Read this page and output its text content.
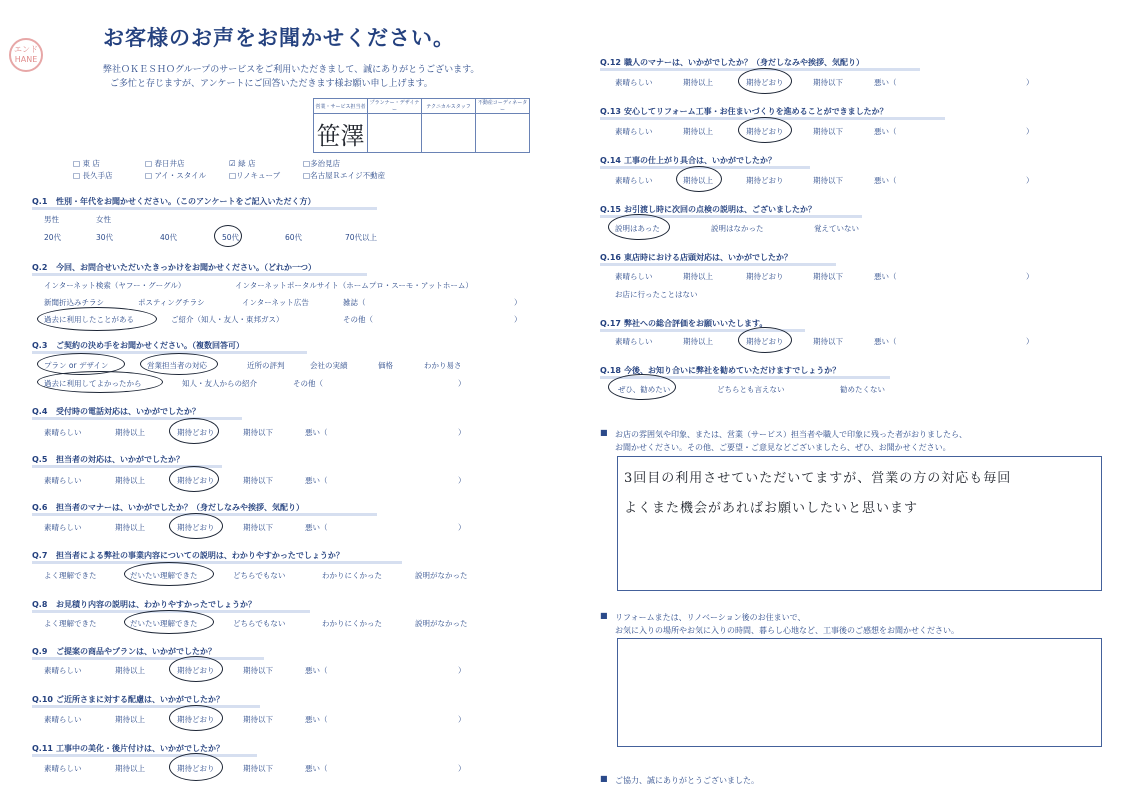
お客様のお声をお聞かせください。
エンド HANE
弊社ＯＫＥＳＨＯグループのサービスをご利用いただきまして、誠にありがとうございます。
ご多忙と存じますが、アンケートにご回答いただきます様お願い申し上げます。
営業・サービス担当者	プランナー・デザイナー	テクニカルスタッフ	不動産コーディネーター
笹澤			
□ 東 店	□ 春日井店	☑ 緑 店	□多治見店
□ 長久手店	□ アイ・スタイル	□リノキューブ	□名古屋Ｒエイジ不動産
Q.1 性別・年代をお聞かせください。（このアンケートをご記入いただく方）
男性	女性
20代	30代	40代	50代	60代	70代以上
Q.2 今回、お問合せいただいたきっかけをお聞かせください。（どれか一つ）
インターネット検索（ヤフー・グーグル）	インターネットポータルサイト（ホームプロ・スーモ・アットホーム）
新聞折込みチラシ	ポスティングチラシ	インターネット広告	雑誌（	）
過去に利用したことがある	ご紹介（知人・友人・東邦ガス）	その他（	）
Q.3 ご契約の決め手をお聞かせください。（複数回答可）
プラン or デザイン	営業担当者の対応	近所の評判	会社の実績	価格	わかり易さ
過去に利用してよかったから	知人・友人からの紹介	その他（	）
Q.4 受付時の電話対応は、いかがでしたか？
素晴らしい	期待以上	期待どおり	期待以下	悪い（	）
Q.5 担当者の対応は、いかがでしたか？
素晴らしい	期待以上	期待どおり	期待以下	悪い（	）
Q.6 担当者のマナーは、いかがでしたか？（身だしなみや挨拶、気配り）
素晴らしい	期待以上	期待どおり	期待以下	悪い（	）
Q.7 担当者による弊社の事業内容についての説明は、わかりやすかったでしょうか？
よく理解できた	だいたい理解できた	どちらでもない	わかりにくかった	説明がなかった
Q.8 お見積り内容の説明は、わかりやすかったでしょうか？
よく理解できた	だいたい理解できた	どちらでもない	わかりにくかった	説明がなかった
Q.9 ご提案の商品やプランは、いかがでしたか？
素晴らしい	期待以上	期待どおり	期待以下	悪い（	）
Q.10 ご近所さまに対する配慮は、いかがでしたか？
素晴らしい	期待以上	期待どおり	期待以下	悪い（	）
Q.11 工事中の美化・後片付けは、いかがでしたか？
素晴らしい	期待以上	期待どおり	期待以下	悪い（	）
Q.12 職人のマナーは、いかがでしたか？（身だしなみや挨拶、気配り）
素晴らしい	期待以上	期待どおり	期待以下	悪い（	）
Q.13 安心してリフォーム工事・お住まいづくりを進めることができましたか？
素晴らしい	期待以上	期待どおり	期待以下	悪い（	）
Q.14 工事の仕上がり具合は、いかがでしたか？
素晴らしい	期待以上	期待どおり	期待以下	悪い（	）
Q.15 お引渡し時に次回の点検の説明は、ございましたか？
説明はあった	説明はなかった	覚えていない
Q.16 東店時における店頭対応は、いかがでしたか？
素晴らしい	期待以上	期待どおり	期待以下	悪い（	）
お店に行ったことはない
Q.17 弊社への総合評価をお願いいたします。
素晴らしい	期待以上	期待どおり	期待以下	悪い（	）
Q.18 今後、お知り合いに弊社を勧めていただけますでしょうか？
ぜひ、勧めたい	どちらとも言えない	勧めたくない
■ お店の雰囲気や印象、または、営業（サービス）担当者や職人で印象に残った者がおりましたら、
お聞かせください。その他、ご要望・ご意見などございましたら、ぜひ、お聞かせください。
3回目の利用させていただいてますが、営業の方の対応も毎回
よくまた機会があればお願いしたいと思います
■ リフォームまたは、リノベーション後のお住まいで、
お気に入りの場所やお気に入りの時間、暮らし心地など、工事後のご感想をお聞かせください。
■ ご協力、誠にありがとうございました。
